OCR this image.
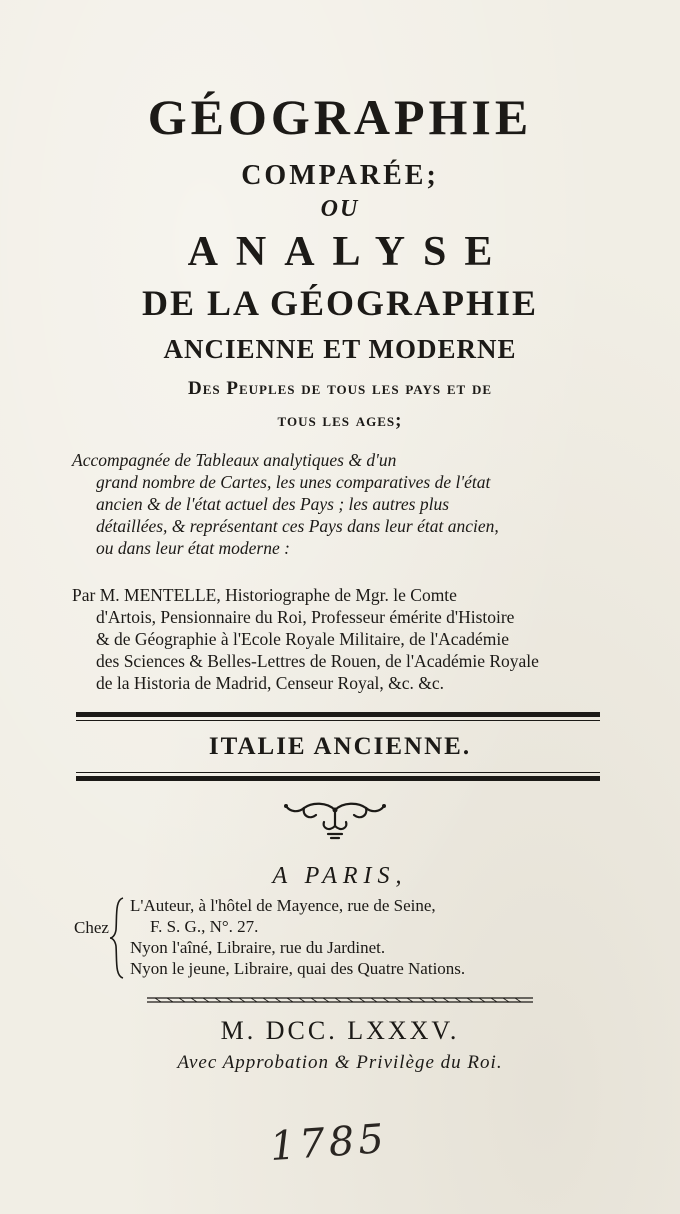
GÉOGRAPHIE
COMPARÉE;
OU
ANALYSE
DE LA GÉOGRAPHIE
ANCIENNE ET MODERNE
Des Peuples de tous les pays et de
tous les ages;
Accompagnée de Tableaux analytiques & d'un
grand nombre de Cartes, les unes comparatives de l'état
ancien & de l'état actuel des Pays ; les autres plus
détaillées, & représentant ces Pays dans leur état ancien,
ou dans leur état moderne :
Par M. MENTELLE, Historiographe de Mgr. le Comte
d'Artois, Pensionnaire du Roi, Professeur émérite d'Histoire
& de Géographie à l'Ecole Royale Militaire, de l'Académie
des Sciences & Belles-Lettres de Rouen, de l'Académie Royale
de la Historia de Madrid, Censeur Royal, &c. &c.
ITALIE ANCIENNE.
A PARIS,
Chez
L'Auteur, à l'hôtel de Mayence, rue de Seine,
F. S. G., N°. 27.
Nyon l'aîné, Libraire, rue du Jardinet.
Nyon le jeune, Libraire, quai des Quatre Nations.
M. DCC. LXXXV.
Avec Approbation & Privilège du Roi.
1785
